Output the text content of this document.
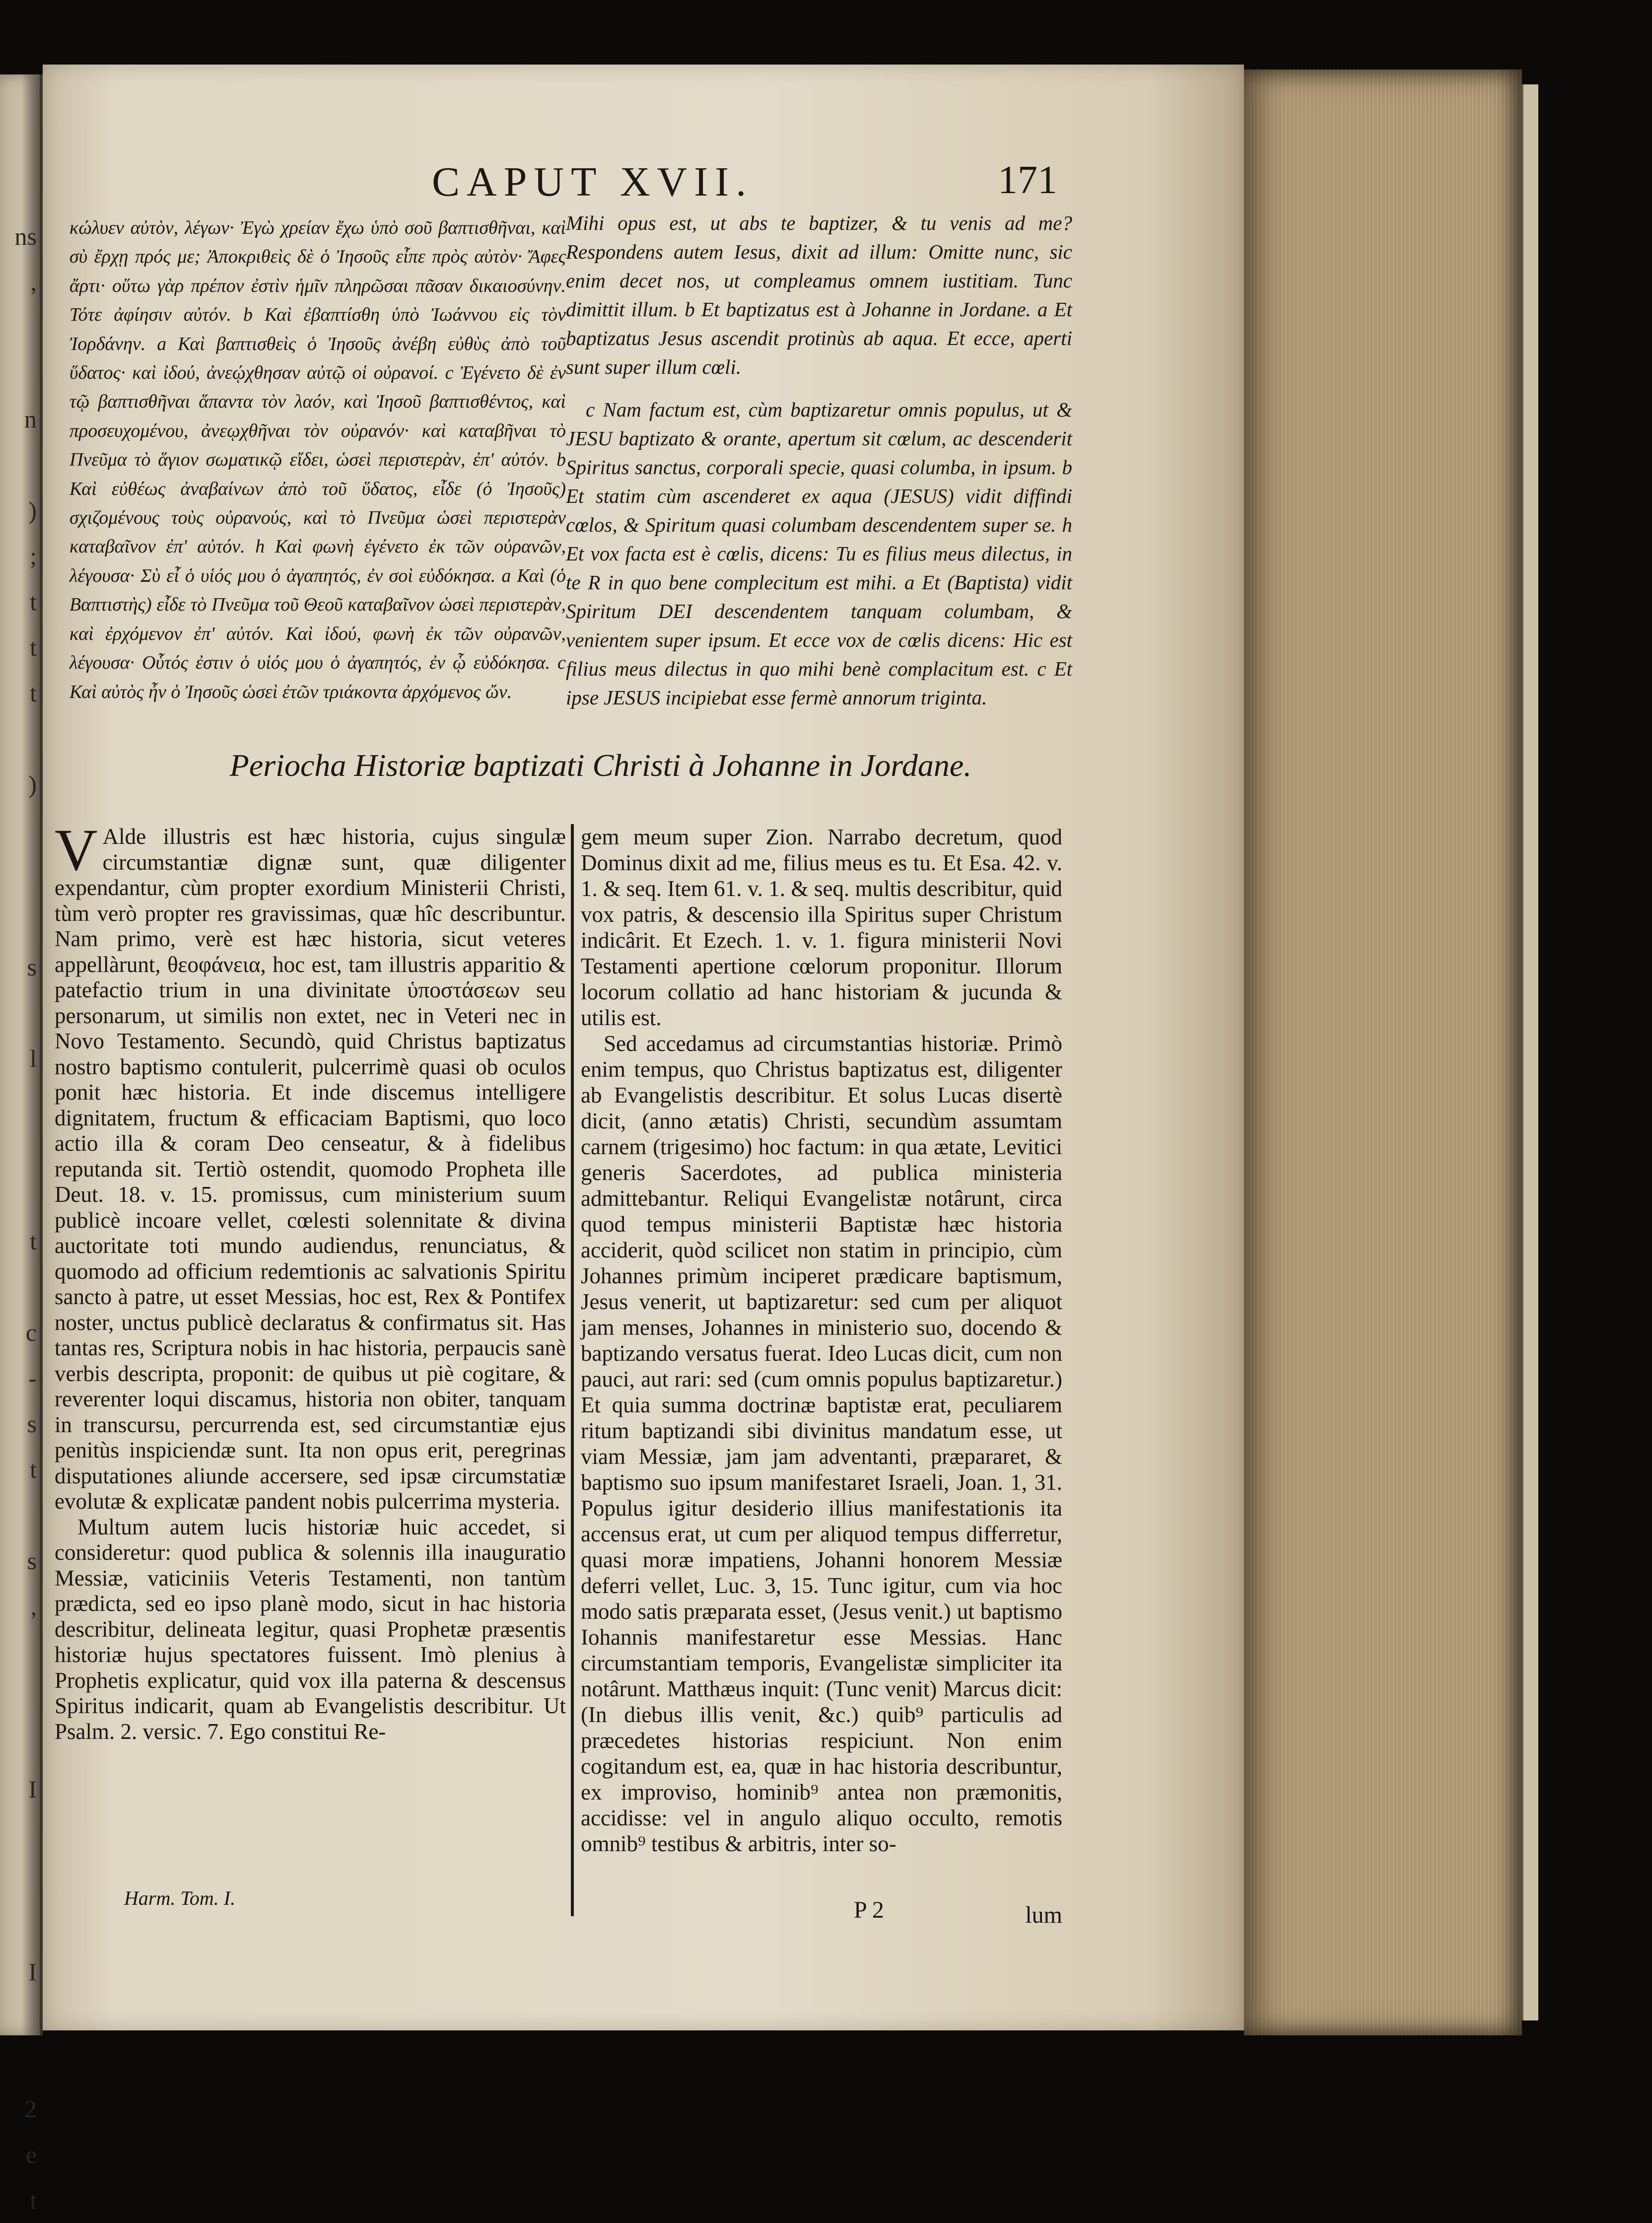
ns
,

n

)
;
t
t
t

)

s

l

t

c
-
s
t

s
,

I

I

2
e
t
CAPUT XVII.	171

κώλυεν αὐτὸν, λέγων· Ἐγὼ χρείαν ἔχω ὑπὸ σοῦ βαπτισθῆναι, καὶ σὺ ἔρχῃ πρός με; Ἀποκριθεὶς δὲ ὁ Ἰησοῦς εἶπε πρὸς αὐτὸν· Ἄφες ἄρτι· οὕτω γὰρ πρέπον ἐστὶν ἡμῖν πληρῶσαι πᾶσαν δικαιοσύνην. Τότε ἀφίησιν αὐτόν. b Καὶ ἐβαπτίσθη ὑπὸ Ἰωάννου εἰς τὸν Ἰορδάνην. a Καὶ βαπτισθεὶς ὁ Ἰησοῦς ἀνέβη εὐθὺς ἀπὸ τοῦ ὕδατος· καὶ ἰδού, ἀνεῴχθησαν αὐτῷ οἱ οὐρανοί. c Ἐγένετο δὲ ἐν τῷ βαπτισθῆναι ἅπαντα τὸν λαόν, καὶ Ἰησοῦ βαπτισθέντος, καὶ προσευχομένου, ἀνεῳχθῆναι τὸν οὐρανόν· καὶ καταβῆναι τὸ Πνεῦμα τὸ ἅγιον σωματικῷ εἴδει, ὡσεὶ περιστερὰν, ἐπ' αὐτόν. b Καὶ εὐθέως ἀναβαίνων ἀπὸ τοῦ ὕδατος, εἶδε (ὁ Ἰησοῦς) σχιζομένους τοὺς οὐρανούς, καὶ τὸ Πνεῦμα ὡσεὶ περιστερὰν καταβαῖνον ἐπ' αὐτόν. h Καὶ φωνὴ ἐγένετο ἐκ τῶν οὐρανῶν, λέγουσα· Σὺ εἶ ὁ υἱός μου ὁ ἀγαπητός, ἐν σοὶ εὐδόκησα. a Καὶ (ὁ Βαπτιστὴς) εἶδε τὸ Πνεῦμα τοῦ Θεοῦ καταβαῖνον ὡσεὶ περιστερὰν, καὶ ἐρχόμενον ἐπ' αὐτόν. Καὶ ἰδού, φωνὴ ἐκ τῶν οὐρανῶν, λέγουσα· Οὗτός ἐστιν ὁ υἱός μου ὁ ἀγαπητός, ἐν ᾧ εὐδόκησα. c Καὶ αὐτὸς ἦν ὁ Ἰησοῦς ὡσεὶ ἐτῶν τριάκοντα ἀρχόμενος ὤν.

Mihi opus est, ut abs te baptizer, & tu venis ad me? Respondens autem Iesus, dixit ad illum: Omitte nunc, sic enim decet nos, ut compleamus omnem iustitiam. Tunc dimittit illum. b Et baptizatus est à Johanne in Jordane. a Et baptizatus Jesus ascendit protinùs ab aqua. Et ecce, aperti sunt super illum cœli.

c Nam factum est, cùm baptizaretur omnis populus, ut & JESU baptizato & orante, apertum sit cœlum, ac descenderit Spiritus sanctus, corporali specie, quasi columba, in ipsum. b Et statim cùm ascenderet ex aqua (JESUS) vidit diffindi cœlos, & Spiritum quasi columbam descendentem super se. h Et vox facta est è cœlis, dicens: Tu es filius meus dilectus, in te R in quo bene complecitum est mihi. a Et (Baptista) vidit Spiritum DEI descendentem tanquam columbam, & venientem super ipsum. Et ecce vox de cœlis dicens: Hic est filius meus dilectus in quo mihi benè complacitum est. c Et ipse JESUS incipiebat esse fermè annorum triginta.

Periocha Historiæ baptizati Christi à Johanne in Jordane.

V Alde illustris est hæc historia, cujus singulæ circumstantiæ dignæ sunt, quæ diligenter expendantur, cùm propter exordium Ministerii Christi, tùm verò propter res gravissimas, quæ hîc describuntur. Nam primo, verè est hæc historia, sicut veteres appellàrunt, θεοφάνεια, hoc est, tam illustris apparitio & patefactio trium in una divinitate ὑποστάσεων seu personarum, ut similis non extet, nec in Veteri nec in Novo Testamento. Secundò, quid Christus baptizatus nostro baptismo contulerit, pulcerrimè quasi ob oculos ponit hæc historia. Et inde discemus intelligere dignitatem, fructum & efficaciam Baptismi, quo loco actio illa & coram Deo censeatur, & à fidelibus reputanda sit. Tertiò ostendit, quomodo Propheta ille Deut. 18. v. 15. promissus, cum ministerium suum publicè incoare vellet, cœlesti solennitate & divina auctoritate toti mundo audiendus, renunciatus, & quomodo ad officium redemtionis ac salvationis Spiritu sancto à patre, ut esset Messias, hoc est, Rex & Pontifex noster, unctus publicè declaratus & confirmatus sit. Has tantas res, Scriptura nobis in hac historia, perpaucis sanè verbis descripta, proponit: de quibus ut piè cogitare, & reverenter loqui discamus, historia non obiter, tanquam in transcursu, percurrenda est, sed circumstantiæ ejus penitùs inspiciendæ sunt. Ita non opus erit, peregrinas disputationes aliunde accersere, sed ipsæ circumstatiæ evolutæ & explicatæ pandent nobis pulcerrima mysteria.

Multum autem lucis historiæ huic accedet, si consideretur: quod publica & solennis illa inauguratio Messiæ, vaticiniis Veteris Testamenti, non tantùm prædicta, sed eo ipso planè modo, sicut in hac historia describitur, delineata legitur, quasi Prophetæ præsentis historiæ hujus spectatores fuissent. Imò plenius à Prophetis explicatur, quid vox illa paterna & descensus Spiritus indicarit, quam ab Evangelistis describitur. Ut Psalm. 2. versic. 7. Ego constitui Re-

gem meum super Zion. Narrabo decretum, quod Dominus dixit ad me, filius meus es tu. Et Esa. 42. v. 1. & seq. Item 61. v. 1. & seq. multis describitur, quid vox patris, & descensio illa Spiritus super Christum indicârit. Et Ezech. 1. v. 1. figura ministerii Novi Testamenti apertione cœlorum proponitur. Illorum locorum collatio ad hanc historiam & jucunda & utilis est.

Sed accedamus ad circumstantias historiæ. Primò enim tempus, quo Christus baptizatus est, diligenter ab Evangelistis describitur. Et solus Lucas disertè dicit, (anno ætatis) Christi, secundùm assumtam carnem (trigesimo) hoc factum: in qua ætate, Levitici generis Sacerdotes, ad publica ministeria admittebantur. Reliqui Evangelistæ notârunt, circa quod tempus ministerii Baptistæ hæc historia acciderit, quòd scilicet non statim in principio, cùm Johannes primùm inciperet prædicare baptismum, Jesus venerit, ut baptizaretur: sed cum per aliquot jam menses, Johannes in ministerio suo, docendo & baptizando versatus fuerat. Ideo Lucas dicit, cum non pauci, aut rari: sed (cum omnis populus baptizaretur.) Et quia summa doctrinæ baptistæ erat, peculiarem ritum baptizandi sibi divinitus mandatum esse, ut viam Messiæ, jam jam adventanti, præpararet, & baptismo suo ipsum manifestaret Israeli, Joan. 1, 31. Populus igitur desiderio illius manifestationis ita accensus erat, ut cum per aliquod tempus differretur, quasi moræ impatiens, Johanni honorem Messiæ deferri vellet, Luc. 3, 15. Tunc igitur, cum via hoc modo satis præparata esset, (Jesus venit.) ut baptismo Iohannis manifestaretur esse Messias. Hanc circumstantiam temporis, Evangelistæ simpliciter ita notârunt. Matthæus inquit: (Tunc venit) Marcus dicit: (In diebus illis venit, &c.) quib⁹ particulis ad præcedetes historias respiciunt. Non enim cogitandum est, ea, quæ in hac historia describuntur, ex improviso, hominib⁹ antea non præmonitis, accidisse: vel in angulo aliquo occulto, remotis omnib⁹ testibus & arbitris, inter so-

Harm. Tom. I.	P 2	lum
